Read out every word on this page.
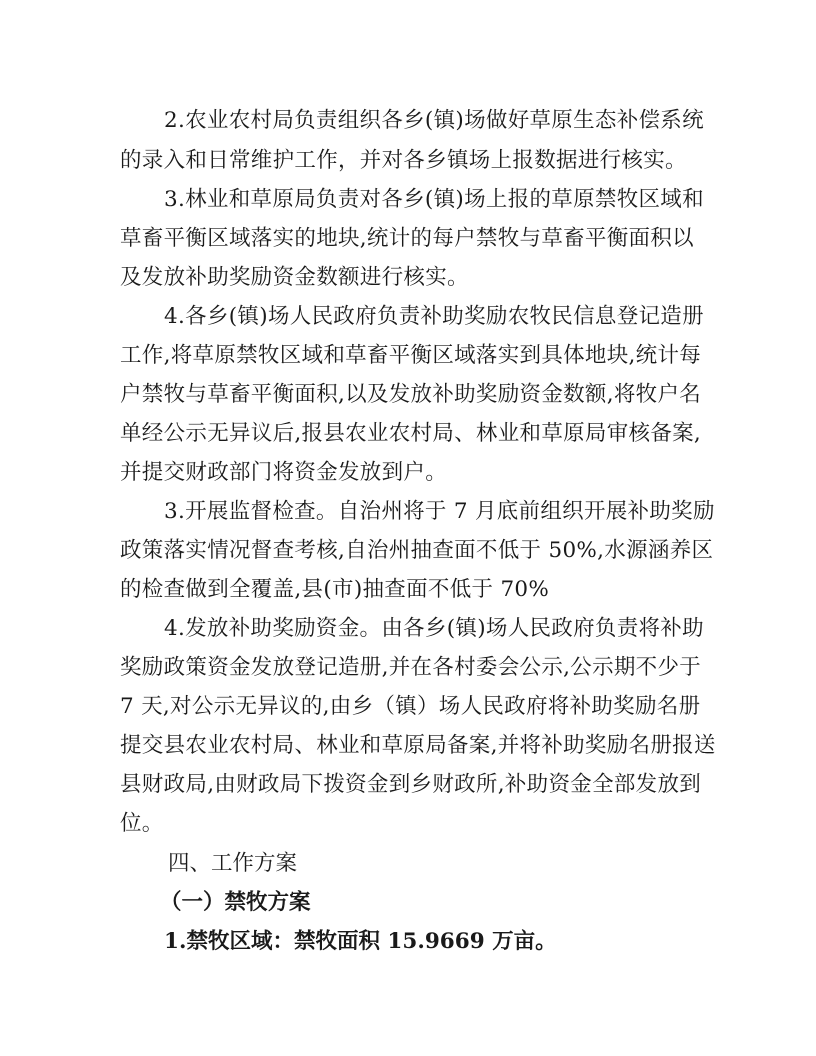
2.农业农村局负责组织各乡(镇)场做好草原生态补偿系统
的录入和日常维护工作，并对各乡镇场上报数据进行核实。
3.林业和草原局负责对各乡(镇)场上报的草原禁牧区域和
草畜平衡区域落实的地块,统计的每户禁牧与草畜平衡面积以
及发放补助奖励资金数额进行核实。
4.各乡(镇)场人民政府负责补助奖励农牧民信息登记造册
工作,将草原禁牧区域和草畜平衡区域落实到具体地块,统计每
户禁牧与草畜平衡面积,以及发放补助奖励资金数额,将牧户名
单经公示无异议后,报县农业农村局、林业和草原局审核备案,
并提交财政部门将资金发放到户。
3.开展监督检查。自治州将于 7 月底前组织开展补助奖励
政策落实情况督查考核,自治州抽查面不低于 50%,水源涵养区
的检查做到全覆盖,县(市)抽查面不低于 70%
4.发放补助奖励资金。由各乡(镇)场人民政府负责将补助
奖励政策资金发放登记造册,并在各村委会公示,公示期不少于
7 天,对公示无异议的,由乡（镇）场人民政府将补助奖励名册
提交县农业农村局、林业和草原局备案,并将补助奖励名册报送
县财政局,由财政局下拨资金到乡财政所,补助资金全部发放到
位。
四、工作方案
（一）禁牧方案
1.禁牧区域：禁牧面积 15.9669 万亩。
